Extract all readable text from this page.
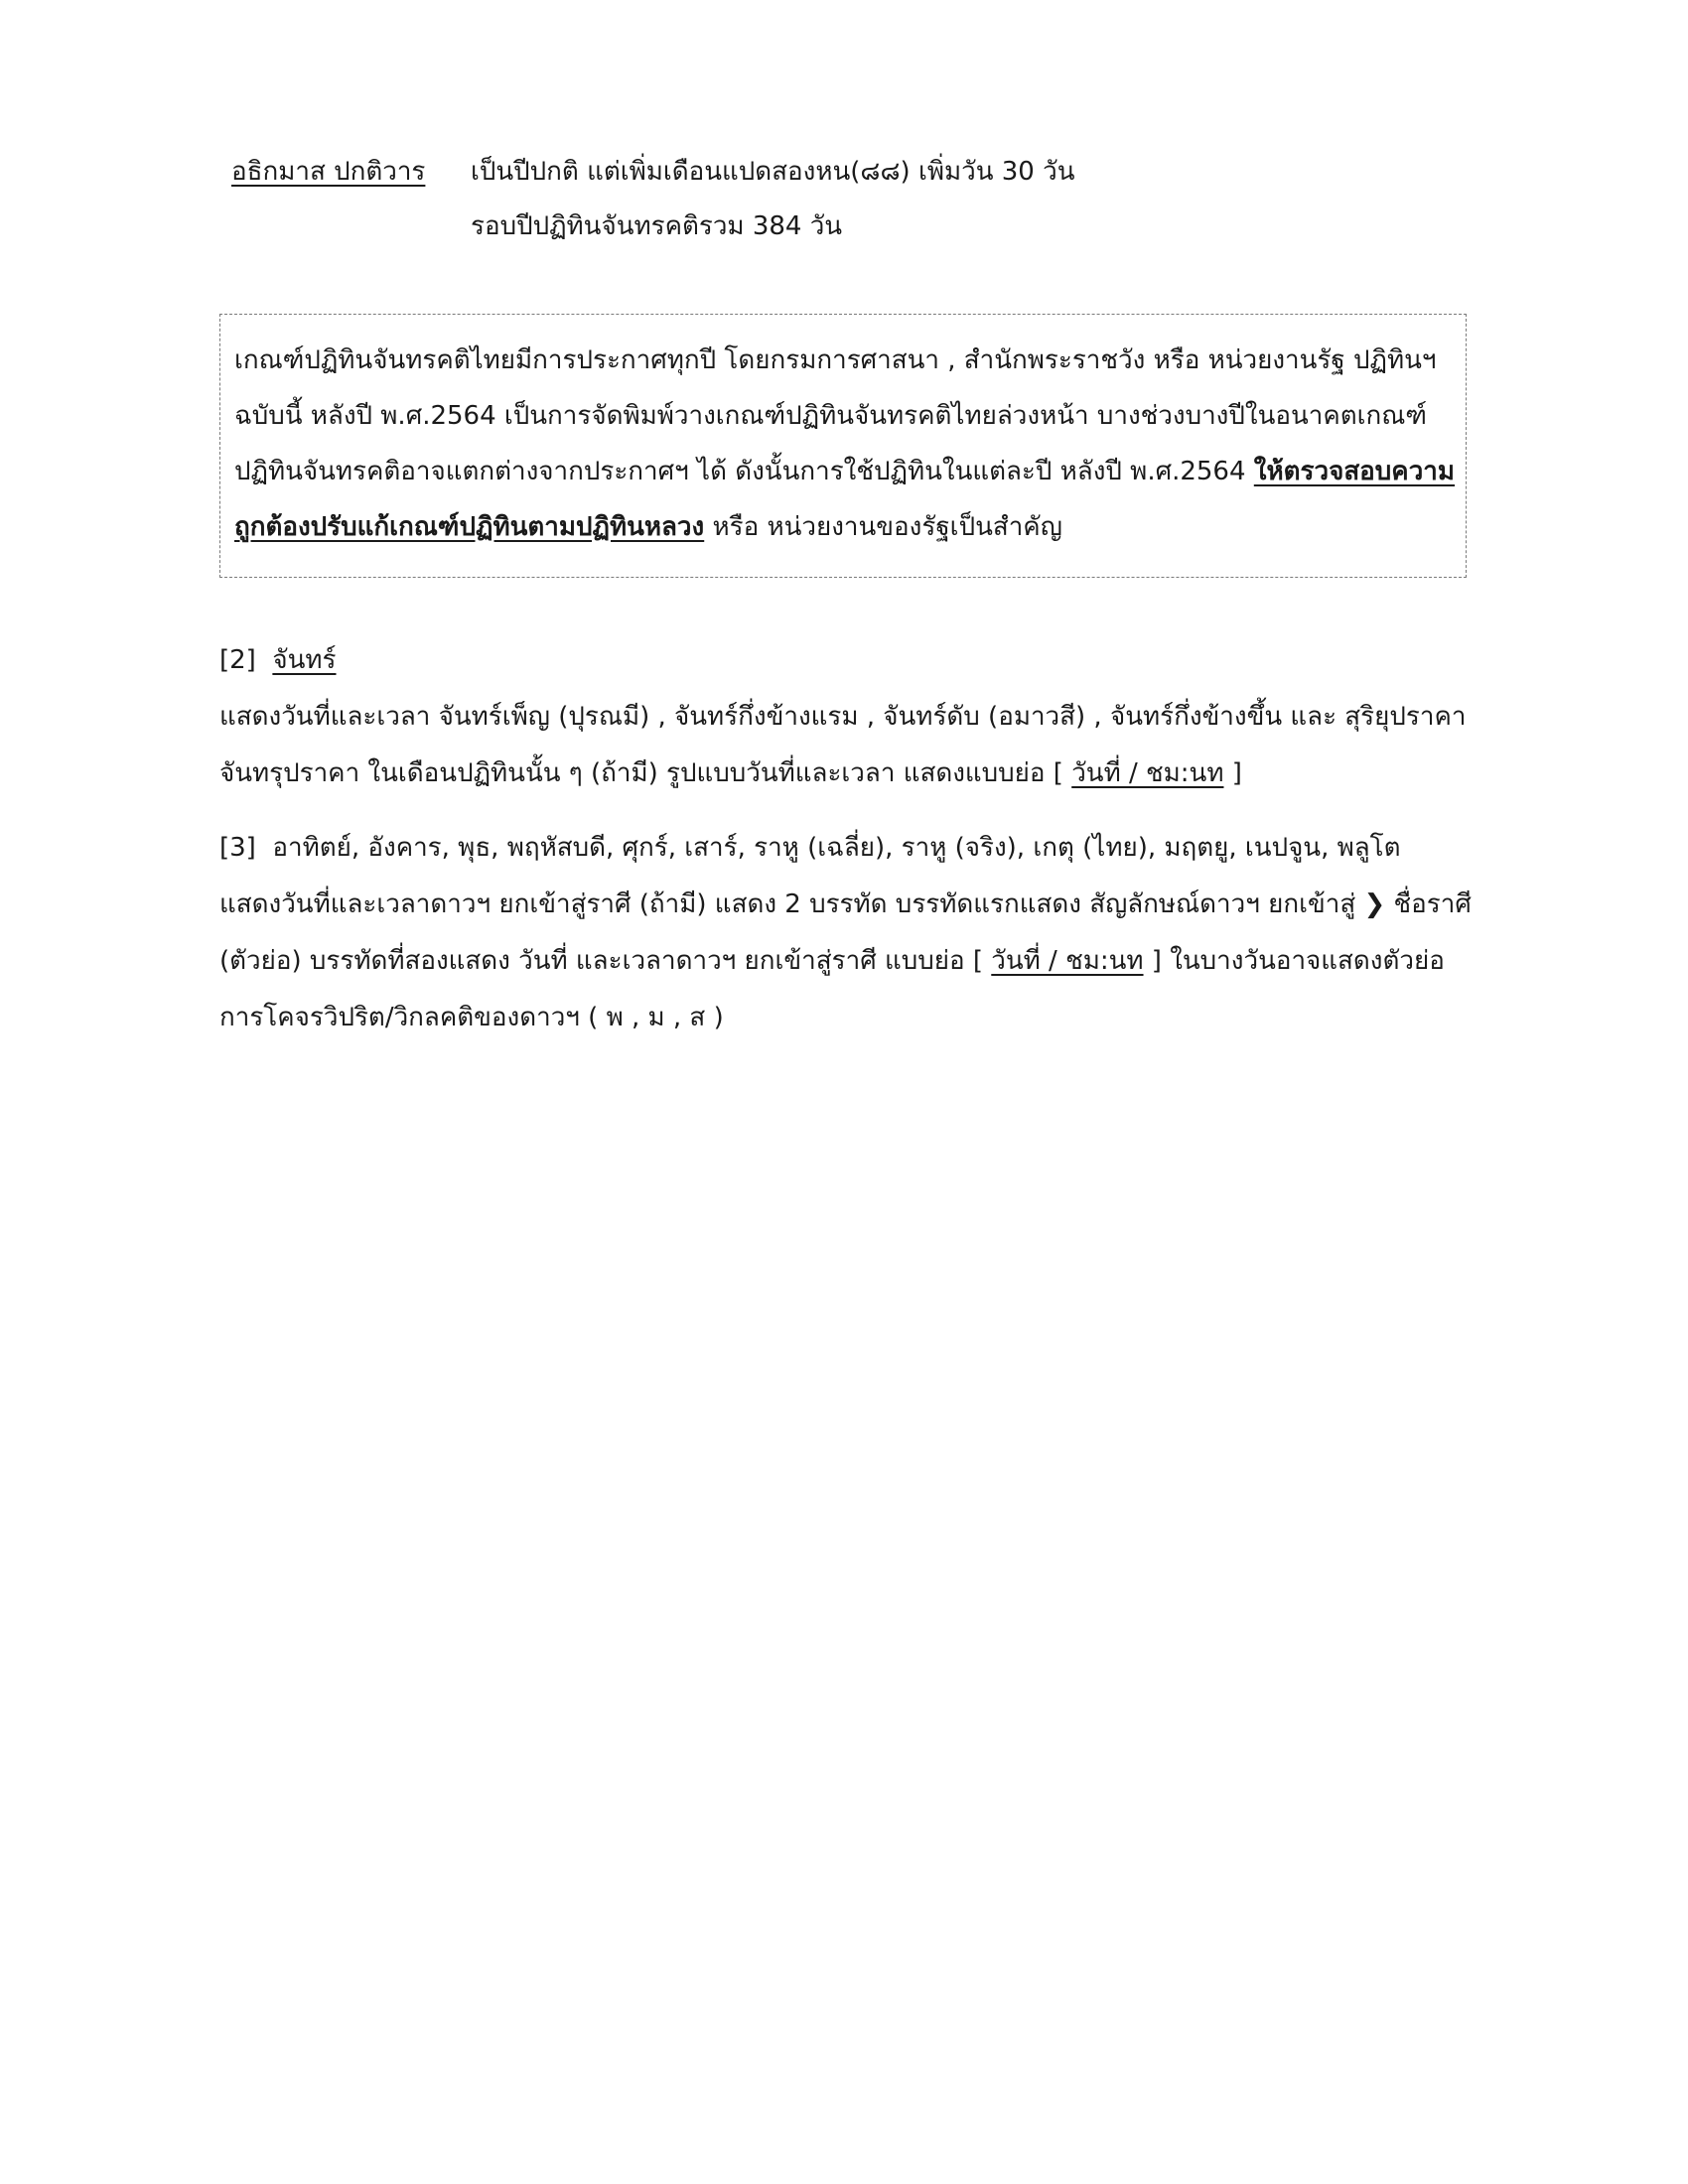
อธิกมาส ปกติวาร เป็นปีปกติ แต่เพิ่มเดือนแปดสองหน(๘๘) เพิ่มวัน 30 วัน
รอบปีปฏิทินจันทรคติรวม 384 วัน
เกณฑ์ปฏิทินจันทรคติไทยมีการประกาศทุกปี โดยกรมการศาสนา , สำนักพระราชวัง หรือ หน่วยงานรัฐ ปฏิทินฯ
ฉบับนี้ หลังปี พ.ศ.2564 เป็นการจัดพิมพ์วางเกณฑ์ปฏิทินจันทรคติไทยล่วงหน้า บางช่วงบางปีในอนาคตเกณฑ์
ปฏิทินจันทรคติอาจแตกต่างจากประกาศฯ ได้ ดังนั้นการใช้ปฏิทินในแต่ละปี หลังปี พ.ศ.2564 ให้ตรวจสอบความ
ถูกต้องปรับแก้เกณฑ์ปฏิทินตามปฏิทินหลวง หรือ หน่วยงานของรัฐเป็นสำคัญ
[2] จันทร์
แสดงวันที่และเวลา จันทร์เพ็ญ (ปุรณมี) , จันทร์กึ่งข้างแรม , จันทร์ดับ (อมาวสี) , จันทร์กึ่งข้างขึ้น และ สุริยุปราคา
จันทรุปราคา ในเดือนปฏิทินนั้น ๆ (ถ้ามี) รูปแบบวันที่และเวลา แสดงแบบย่อ [ วันที่ / ชม:นท ]
[3] อาทิตย์, อังคาร, พุธ, พฤหัสบดี, ศุกร์, เสาร์, ราหู (เฉลี่ย), ราหู (จริง), เกตุ (ไทย), มฤตยู, เนปจูน, พลูโต
แสดงวันที่และเวลาดาวฯ ยกเข้าสู่ราศี (ถ้ามี) แสดง 2 บรรทัด บรรทัดแรกแสดง สัญลักษณ์ดาวฯ ยกเข้าสู่ ❯ ชื่อราศี
(ตัวย่อ) บรรทัดที่สองแสดง วันที่ และเวลาดาวฯ ยกเข้าสู่ราศี แบบย่อ [ วันที่ / ชม:นท ] ในบางวันอาจแสดงตัวย่อ
การโคจรวิปริต/วิกลคติของดาวฯ ( พ , ม , ส )
